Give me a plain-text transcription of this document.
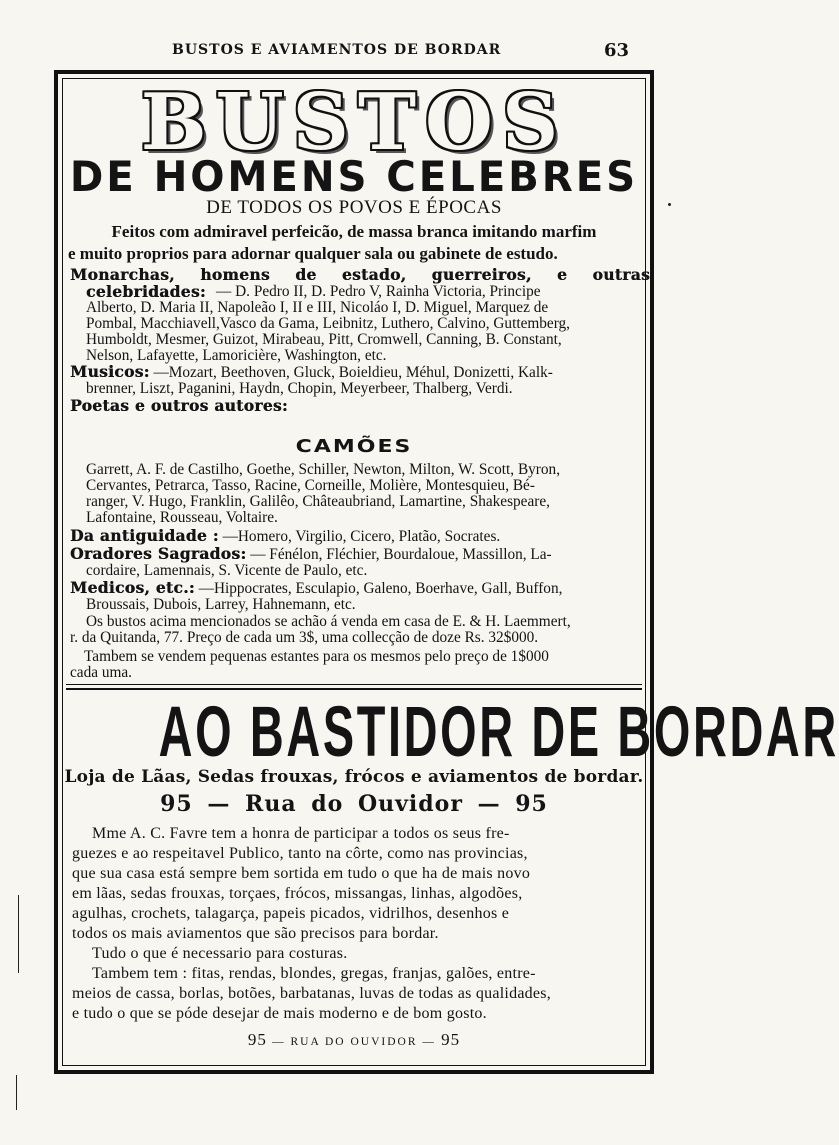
BUSTOS E AVIAMENTOS DE BORDAR	63
BUSTOS
DE HOMENS CELEBRES
DE TODOS OS POVOS E ÉPOCAS
Feitos com admiravel perfeicão, de massa branca imitando marfim
e muito proprios para adornar qualquer sala ou gabinete de estudo.
Monarchas, homens de estado, guerreiros, e outras
celebridades: — D. Pedro II, D. Pedro V, Rainha Victoria, Principe
Alberto, D. Maria II, Napoleão I, II e III, Nicoláo I, D. Miguel, Marquez de
Pombal, Macchiavell,Vasco da Gama, Leibnitz, Luthero, Calvino, Guttemberg,
Humboldt, Mesmer, Guizot, Mirabeau, Pitt, Cromwell, Canning, B. Constant,
Nelson, Lafayette, Lamoricière, Washington, etc.
Musicos: —Mozart, Beethoven, Gluck, Boieldieu, Méhul, Donizetti, Kalk-
brenner, Liszt, Paganini, Haydn, Chopin, Meyerbeer, Thalberg, Verdi.
Poetas e outros autores:
CAMÕES
Garrett, A. F. de Castilho, Goethe, Schiller, Newton, Milton, W. Scott, Byron,
Cervantes, Petrarca, Tasso, Racine, Corneille, Molière, Montesquieu, Bé-
ranger, V. Hugo, Franklin, Galilêo, Châteaubriand, Lamartine, Shakespeare,
Lafontaine, Rousseau, Voltaire.
Da antiguidade : —Homero, Virgilio, Cicero, Platão, Socrates.
Oradores Sagrados: — Fénélon, Fléchier, Bourdaloue, Massillon, La-
cordaire, Lamennais, S. Vicente de Paulo, etc.
Medicos, etc.: —Hippocrates, Esculapio, Galeno, Boerhave, Gall, Buffon,
Broussais, Dubois, Larrey, Hahnemann, etc.
Os bustos acima mencionados se achão á venda em casa de E. & H. Laemmert,
r. da Quitanda, 77. Preço de cada um 3$, uma collecção de doze Rs. 32$000.
Tambem se vendem pequenas estantes para os mesmos pelo preço de 1$000
cada uma.
AO BASTIDOR DE BORDAR
Loja de Lãas, Sedas frouxas, frócos e aviamentos de bordar.
95 — Rua do Ouvidor — 95
Mme A. C. Favre tem a honra de participar a todos os seus fre-
guezes e ao respeitavel Publico, tanto na côrte, como nas provincias,
que sua casa está sempre bem sortida em tudo o que ha de mais novo
em lãas, sedas frouxas, torçaes, frócos, missangas, linhas, algodões,
agulhas, crochets, talagarça, papeis picados, vidrilhos, desenhos e
todos os mais aviamentos que são precisos para bordar.
Tudo o que é necessario para costuras.
Tambem tem : fitas, rendas, blondes, gregas, franjas, galões, entre-
meios de cassa, borlas, botões, barbatanas, luvas de todas as qualidades,
e tudo o que se póde desejar de mais moderno e de bom gosto.
95 — RUA DO OUVIDOR — 95
